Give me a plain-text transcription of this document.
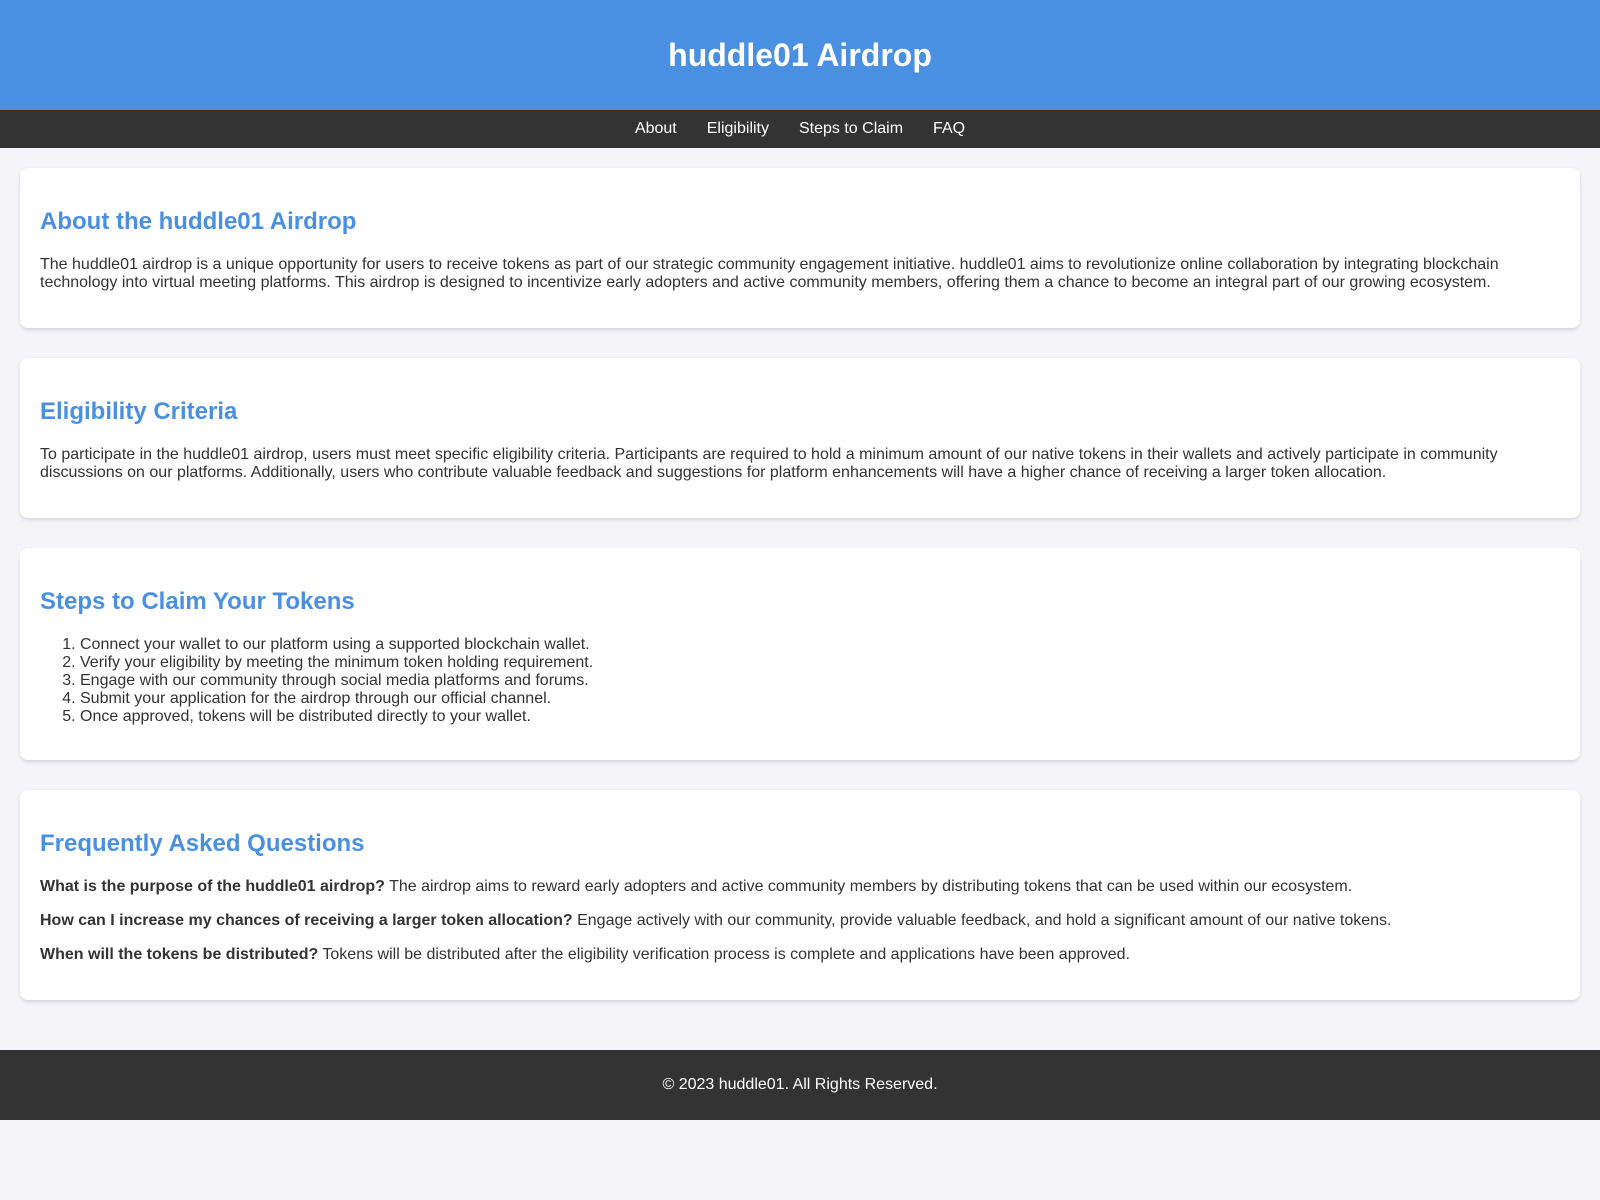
huddle01 Airdrop
About Eligibility Steps to Claim FAQ
About the huddle01 Airdrop

The huddle01 airdrop is a unique opportunity for users to receive tokens as part of our strategic community engagement initiative. huddle01 aims to revolutionize online collaboration by integrating blockchain technology into virtual meeting platforms. This airdrop is designed to incentivize early adopters and active community members, offering them a chance to become an integral part of our growing ecosystem.

Eligibility Criteria

To participate in the huddle01 airdrop, users must meet specific eligibility criteria. Participants are required to hold a minimum amount of our native tokens in their wallets and actively participate in community discussions on our platforms. Additionally, users who contribute valuable feedback and suggestions for platform enhancements will have a higher chance of receiving a larger token allocation.

Steps to Claim Your Tokens
1. Connect your wallet to our platform using a supported blockchain wallet.
2. Verify your eligibility by meeting the minimum token holding requirement.
3. Engage with our community through social media platforms and forums.
4. Submit your application for the airdrop through our official channel.
5. Once approved, tokens will be distributed directly to your wallet.
Frequently Asked Questions

What is the purpose of the huddle01 airdrop? The airdrop aims to reward early adopters and active community members by distributing tokens that can be used within our ecosystem.

How can I increase my chances of receiving a larger token allocation? Engage actively with our community, provide valuable feedback, and hold a significant amount of our native tokens.

When will the tokens be distributed? Tokens will be distributed after the eligibility verification process is complete and applications have been approved.

© 2023 huddle01. All Rights Reserved.
